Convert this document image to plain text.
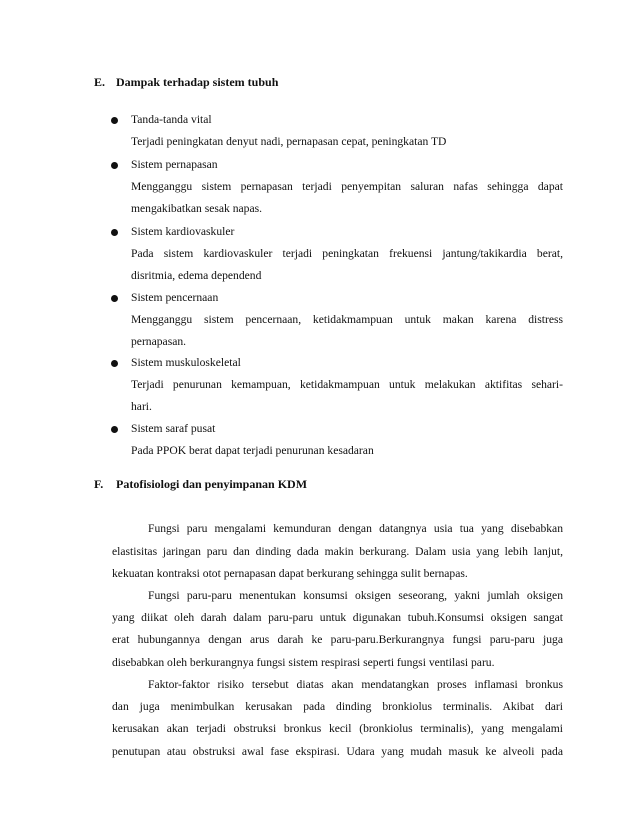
E. Dampak terhadap sistem tubuh
Tanda-tanda vital
Terjadi peningkatan denyut nadi, pernapasan cepat, peningkatan TD
Sistem pernapasan
Mengganggu sistem pernapasan terjadi penyempitan saluran nafas sehingga dapat
mengakibatkan sesak napas.
Sistem kardiovaskuler
Pada sistem kardiovaskuler terjadi peningkatan frekuensi jantung/takikardia berat,
disritmia, edema dependend
Sistem pencernaan
Mengganggu sistem pencernaan, ketidakmampuan untuk makan karena distress
pernapasan.
Sistem muskuloskeletal
Terjadi penurunan kemampuan, ketidakmampuan untuk melakukan aktifitas sehari-
hari.
Sistem saraf pusat
Pada PPOK berat dapat terjadi penurunan kesadaran
F. Patofisiologi dan penyimpanan KDM
Fungsi paru mengalami kemunduran dengan datangnya usia tua yang disebabkan
elastisitas jaringan paru dan dinding dada makin berkurang. Dalam usia yang lebih lanjut,
kekuatan kontraksi otot pernapasan dapat berkurang sehingga sulit bernapas.
Fungsi paru-paru menentukan konsumsi oksigen seseorang, yakni jumlah oksigen
yang diikat oleh darah dalam paru-paru untuk digunakan tubuh.Konsumsi oksigen sangat
erat hubungannya dengan arus darah ke paru-paru.Berkurangnya fungsi paru-paru juga
disebabkan oleh berkurangnya fungsi sistem respirasi seperti fungsi ventilasi paru.
Faktor-faktor risiko tersebut diatas akan mendatangkan proses inflamasi bronkus
dan juga menimbulkan kerusakan pada dinding bronkiolus terminalis. Akibat dari
kerusakan akan terjadi obstruksi bronkus kecil (bronkiolus terminalis), yang mengalami
penutupan atau obstruksi awal fase ekspirasi. Udara yang mudah masuk ke alveoli pada
